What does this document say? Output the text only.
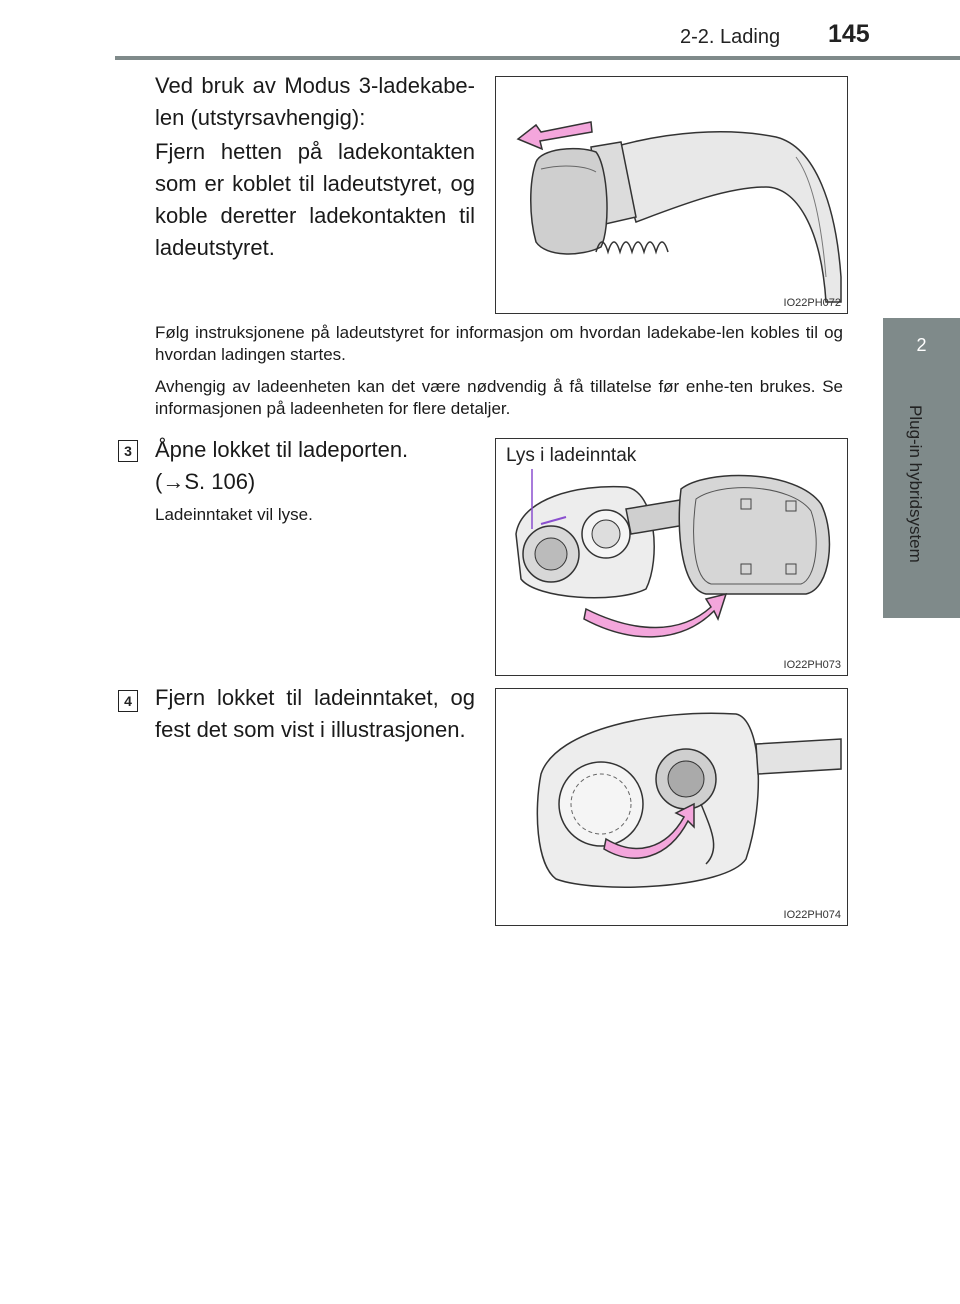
2-2. Lading 145
2
Plug-in hybridsystem
Ved bruk av Modus 3-ladekabe-len (utstyrsavhengig):
Fjern hetten på ladekontakten som er koblet til ladeutstyret, og koble deretter ladekontakten til ladeutstyret.
IO22PH072
Følg instruksjonene på ladeutstyret for informasjon om hvordan ladekabe-len kobles til og hvordan ladingen startes.
Avhengig av ladeenheten kan det være nødvendig å få tillatelse før enhe-ten brukes. Se informasjonen på ladeenheten for flere detaljer.
3 Åpne lokket til ladeporten.
(→S. 106)
Ladeinntaket vil lyse.
Lys i ladeinntak
IO22PH073
4 Fjern lokket til ladeinntaket, og fest det som vist i illustrasjonen.
IO22PH074
